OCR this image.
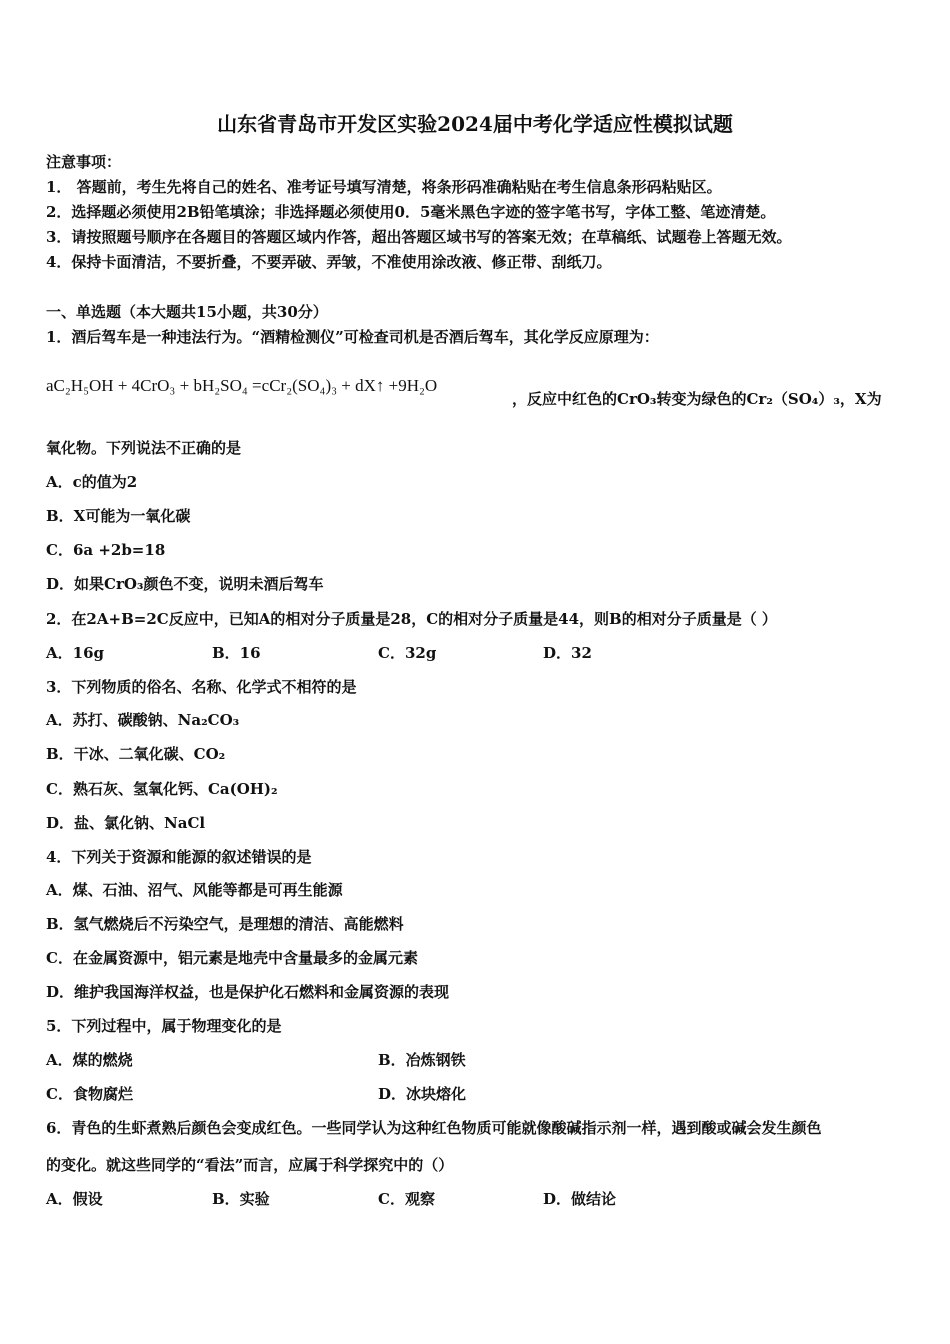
山东省青岛市开发区实验2024届中考化学适应性模拟试题
注意事项：
1． 答题前，考生先将自己的姓名、准考证号填写清楚，将条形码准确粘贴在考生信息条形码粘贴区。
2．选择题必须使用2B铅笔填涂；非选择题必须使用0．5毫米黑色字迹的签字笔书写，字体工整、笔迹清楚。
3．请按照题号顺序在各题目的答题区域内作答，超出答题区域书写的答案无效；在草稿纸、试题卷上答题无效。
4．保持卡面清洁，不要折叠，不要弄破、弄皱，不准使用涂改液、修正带、刮纸刀。
一、单选题（本大题共15小题，共30分）
1．酒后驾车是一种违法行为。“酒精检测仪”可检查司机是否酒后驾车，其化学反应原理为：
aC₂H₅OH + 4CrO₃ + bH₂SO₄ =cCr₂(SO₄)₃ + dX↑ +9H₂O
，反应中红色的CrO₃转变为绿色的Cr₂（SO₄）₃，X为
氧化物。下列说法不正确的是
A．c的值为2
B．X可能为一氧化碳
C．6a +2b=18
D．如果CrO₃颜色不变，说明未酒后驾车
2．在2A+B=2C反应中，已知A的相对分子质量是28，C的相对分子质量是44，则B的相对分子质量是（ ）
A．16g	B．16	C．32g	D．32
3．下列物质的俗名、名称、化学式不相符的是
A．苏打、碳酸钠、Na₂CO₃
B．干冰、二氧化碳、CO₂
C．熟石灰、氢氧化钙、Ca(OH)₂
D．盐、氯化钠、NaCl
4．下列关于资源和能源的叙述错误的是
A．煤、石油、沼气、风能等都是可再生能源
B．氢气燃烧后不污染空气，是理想的清洁、高能燃料
C．在金属资源中，铝元素是地壳中含量最多的金属元素
D．维护我国海洋权益，也是保护化石燃料和金属资源的表现
5．下列过程中，属于物理变化的是
A．煤的燃烧	B．冶炼钢铁
C．食物腐烂	D．冰块熔化
6．青色的生虾煮熟后颜色会变成红色。一些同学认为这种红色物质可能就像酸碱指示剂一样，遇到酸或碱会发生颜色
的变化。就这些同学的“看法”而言，应属于科学探究中的（）
A．假设	B．实验	C．观察	D．做结论
